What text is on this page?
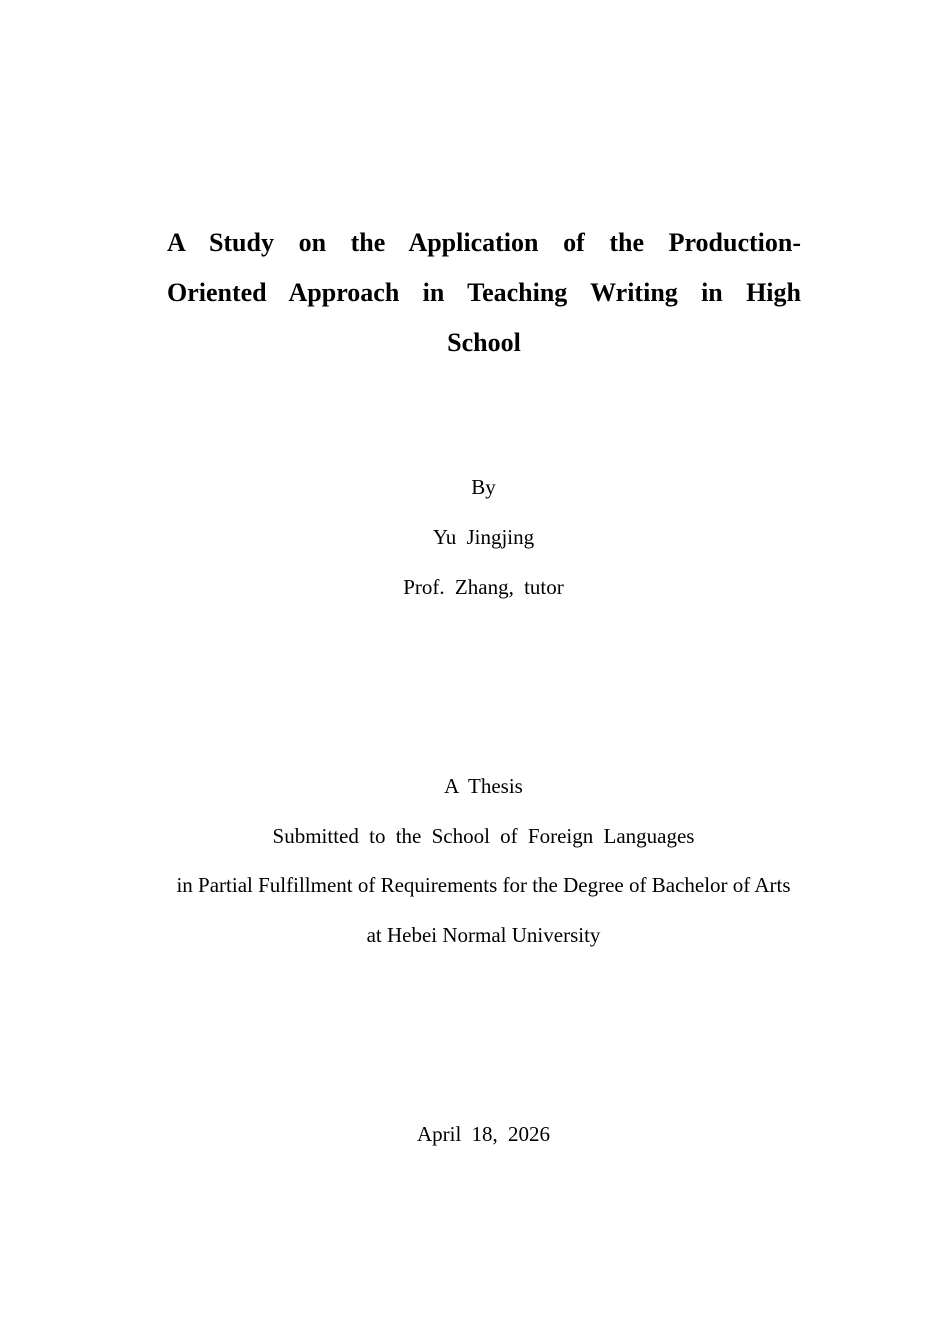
A Study on the Application of the Production-
Oriented Approach in Teaching Writing in High
School
By
Yu Jingjing
Prof. Zhang, tutor
A Thesis
Submitted to the School of Foreign Languages
in Partial Fulfillment of Requirements for the Degree of Bachelor of Arts
at Hebei Normal University
April 18, 2026
